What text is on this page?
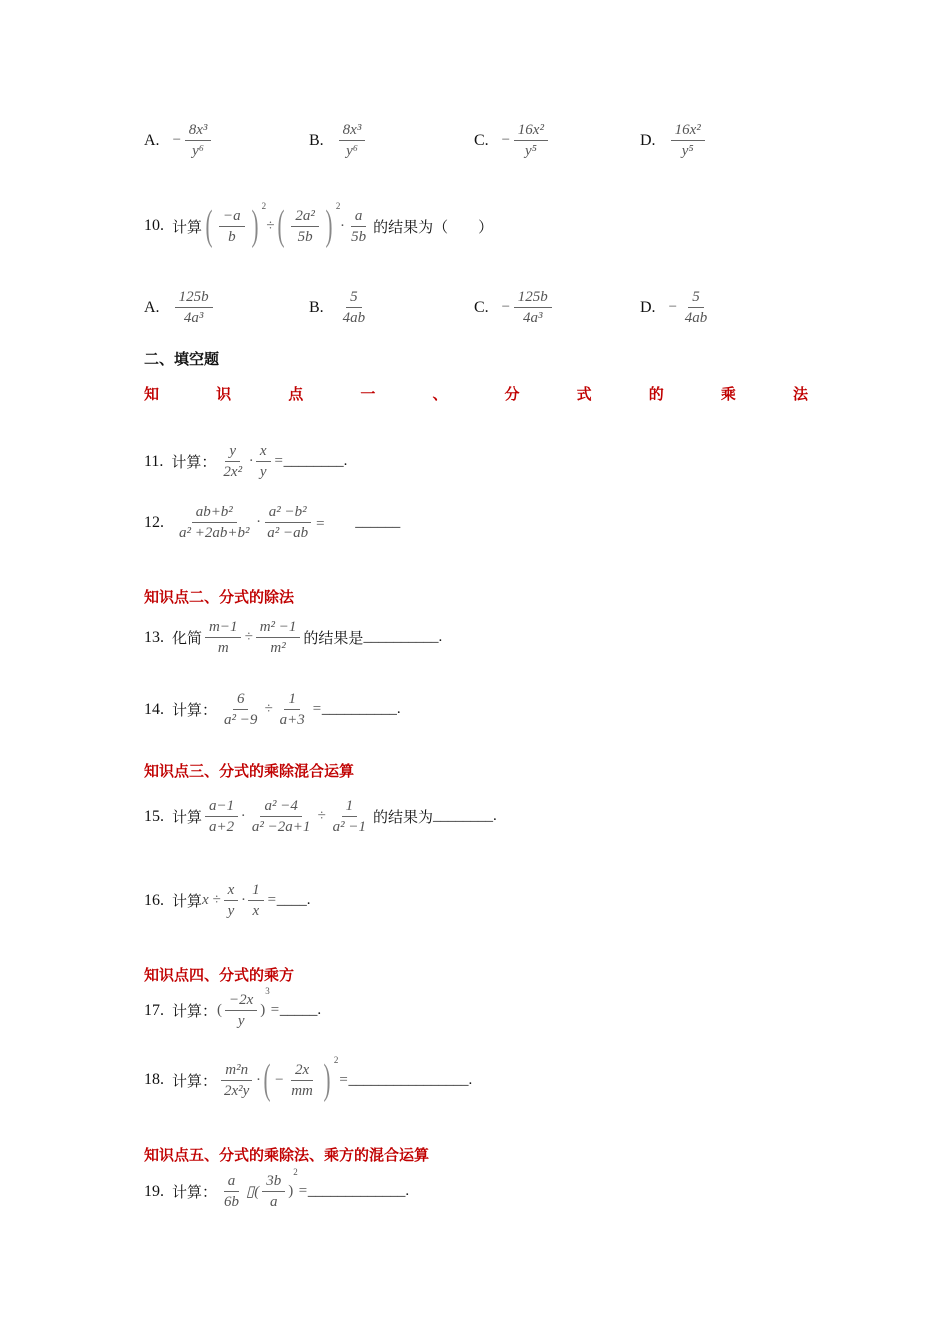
A. − $\frac{\text{8x³}}{\text{y⁶}}$	B. $\frac{\text{8x³}}{\text{y⁶}}$	C. − $\frac{\text{16x²}}{\text{y⁵}}$	D. $\frac{\text{16x²}}{\text{y⁵}}$
10. 计算 ( $\frac{-a}{b}$ ) 2
÷ ( $\frac{\text{2a²}}{5b}$ ) 2
· $\frac{a}{5b}$ 的结果为（　　）
A. $\frac{125b}{\text{4a³}}$	B. $\frac{5}{4ab}$	C. − $\frac{125b}{\text{4a³}}$	D. − $\frac{5}{4ab}$
二、填空题
知	识	点	一	、	分	式	的	乘	法
11. 计算： $\frac{y}{\text{2x²}} \cdot \frac{x}{y}$ = ________ .
12. $\frac{\text{ab+b²}}{\text{a² +2ab+b²}} \cdot \frac{\text{a² −b²}}{\text{a² −ab}}$ =　　 ______
知识点二、分式的除法
13. 化简 $\frac{m-1}{m} \div \frac{\text{m² −1}}{\text{m²}}$ 的结果是 __________ .
14. 计算： $\frac{6}{\text{a² −9}} \div \frac{1}{a+3}$ = __________ .
知识点三、分式的乘除混合运算
15. 计算 $\frac{a-1}{a+2} \cdot \frac{\text{a² −4}}{\text{a² −2a+1}} \div \frac{1}{\text{a² −1}}$ 的结果为 ________ .
16. 计算 $x \div \frac{x}{y} \cdot \frac{1}{x}$ = ____ .
知识点四、分式的乘方
17. 计算： ( $\frac{-2x}{y}$ )
3
= _____ .
18. 计算： $\frac{\text{m²n}}{\text{2x²y}}$ · ( − $\frac{2x}{mm}$ ) 2
= ________________ .
知识点五、分式的乘除法、乘方的混合运算
19. 计算： $\frac{a}{6b}$ ▯( $\frac{3b}{a}$ )
2
= _____________ .
